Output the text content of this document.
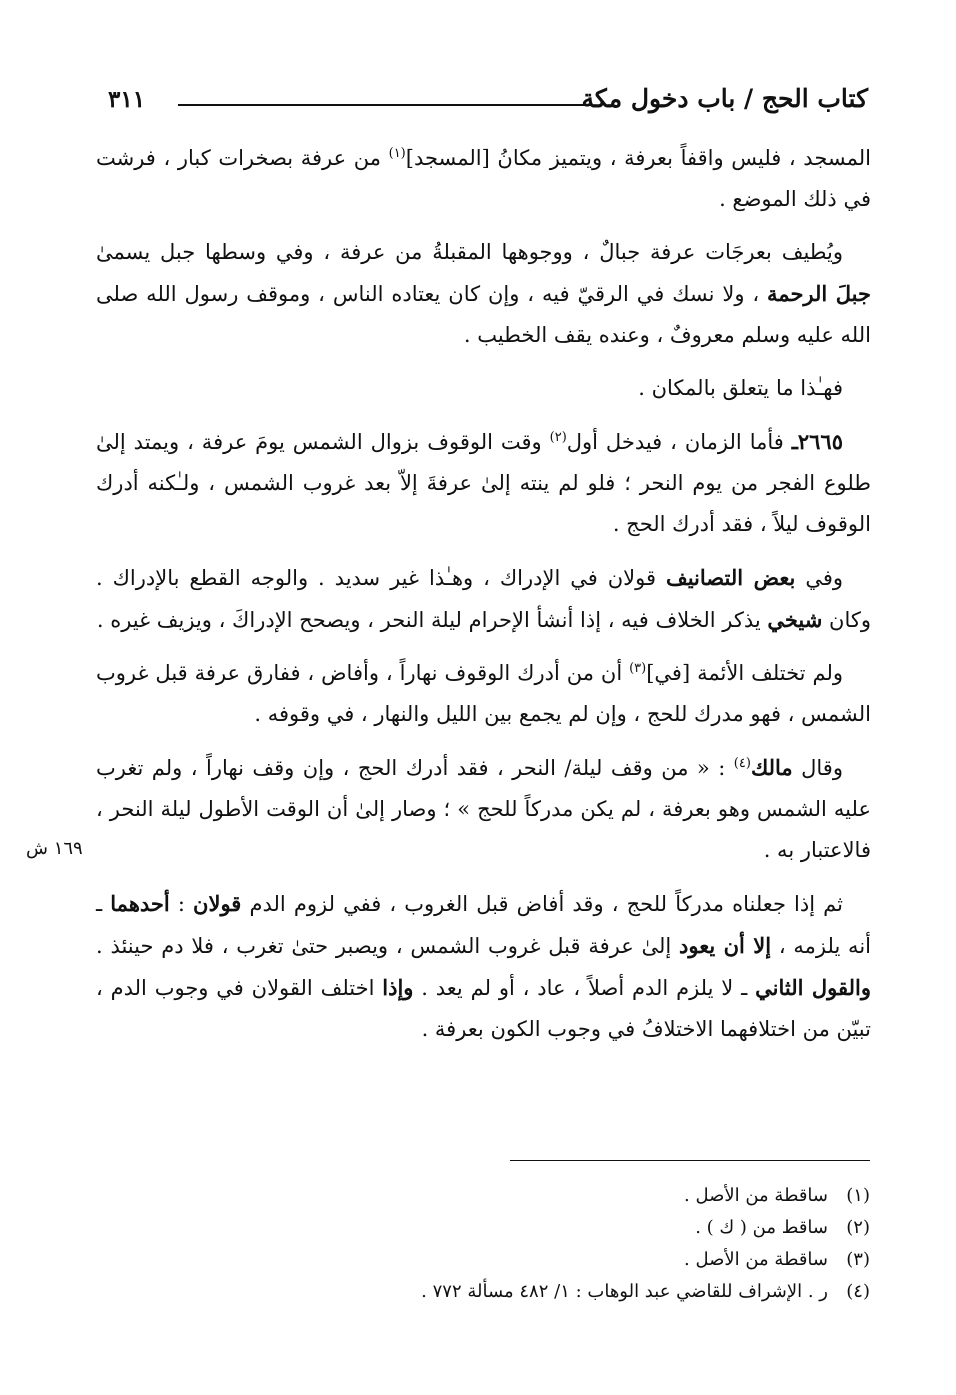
كتاب الحج / باب دخول مكة
٣١١
١٦٩ ش

المسجد ، فليس واقفاً بعرفة ، ويتميز مكانُ [المسجد]$^{(١)}$ من عرفة بصخرات كبار ، فرشت في ذلك الموضع .

ويُطيف بعرجَات عرفة جبالٌ ، ووجوهها المقبلةُ من عرفة ، وفي وسطها جبل يسمىٰ جبلَ الرحمة ، ولا نسك في الرقيّ فيه ، وإن كان يعتاده الناس ، وموقف رسول الله صلى الله عليه وسلم معروفٌ ، وعنده يقف الخطيب .

فهـٰذا ما يتعلق بالمكان .

٢٦٦٥ـ فأما الزمان ، فيدخل أول$^{(٢)}$ وقت الوقوف بزوال الشمس يومَ عرفة ، ويمتد إلىٰ طلوع الفجر من يوم النحر ؛ فلو لم ينته إلىٰ عرفةَ إلاّ بعد غروب الشمس ، ولـٰكنه أدرك الوقوف ليلاً ، فقد أدرك الحج .

وفي بعض التصانيف قولان في الإدراك ، وهـٰذا غير سديد . والوجه القطع بالإدراك . وكان شيخي يذكر الخلاف فيه ، إذا أنشأ الإحرام ليلة النحر ، ويصحح الإدراكَ ، ويزيف غيره .

ولم تختلف الأئمة [في]$^{(٣)}$ أن من أدرك الوقوف نهاراً ، وأفاض ، ففارق عرفة قبل غروب الشمس ، فهو مدرك للحج ، وإن لم يجمع بين الليل والنهار ، في وقوفه .

وقال مالك$^{(٤)}$ : « من وقف ليلة/ النحر ، فقد أدرك الحج ، وإن وقف نهاراً ، ولم تغرب عليه الشمس وهو بعرفة ، لم يكن مدركاً للحج » ؛ وصار إلىٰ أن الوقت الأطول ليلة النحر ، فالاعتبار به .

ثم إذا جعلناه مدركاً للحج ، وقد أفاض قبل الغروب ، ففي لزوم الدم قولان : أحدهما ـ أنه يلزمه ، إلا أن يعود إلىٰ عرفة قبل غروب الشمس ، ويصبر حتىٰ تغرب ، فلا دم حينئذ . والقول الثاني ـ لا يلزم الدم أصلاً ، عاد ، أو لم يعد . وإذا اختلف القولان في وجوب الدم ، تبيّن من اختلافهما الاختلافُ في وجوب الكون بعرفة .

(١)ساقطة من الأصل .
(٢)ساقط من ( ك ) .
(٣)ساقطة من الأصل .
(٤)ر . الإشراف للقاضي عبد الوهاب : ١/ ٤٨٢ مسألة ٧٧٢ .
